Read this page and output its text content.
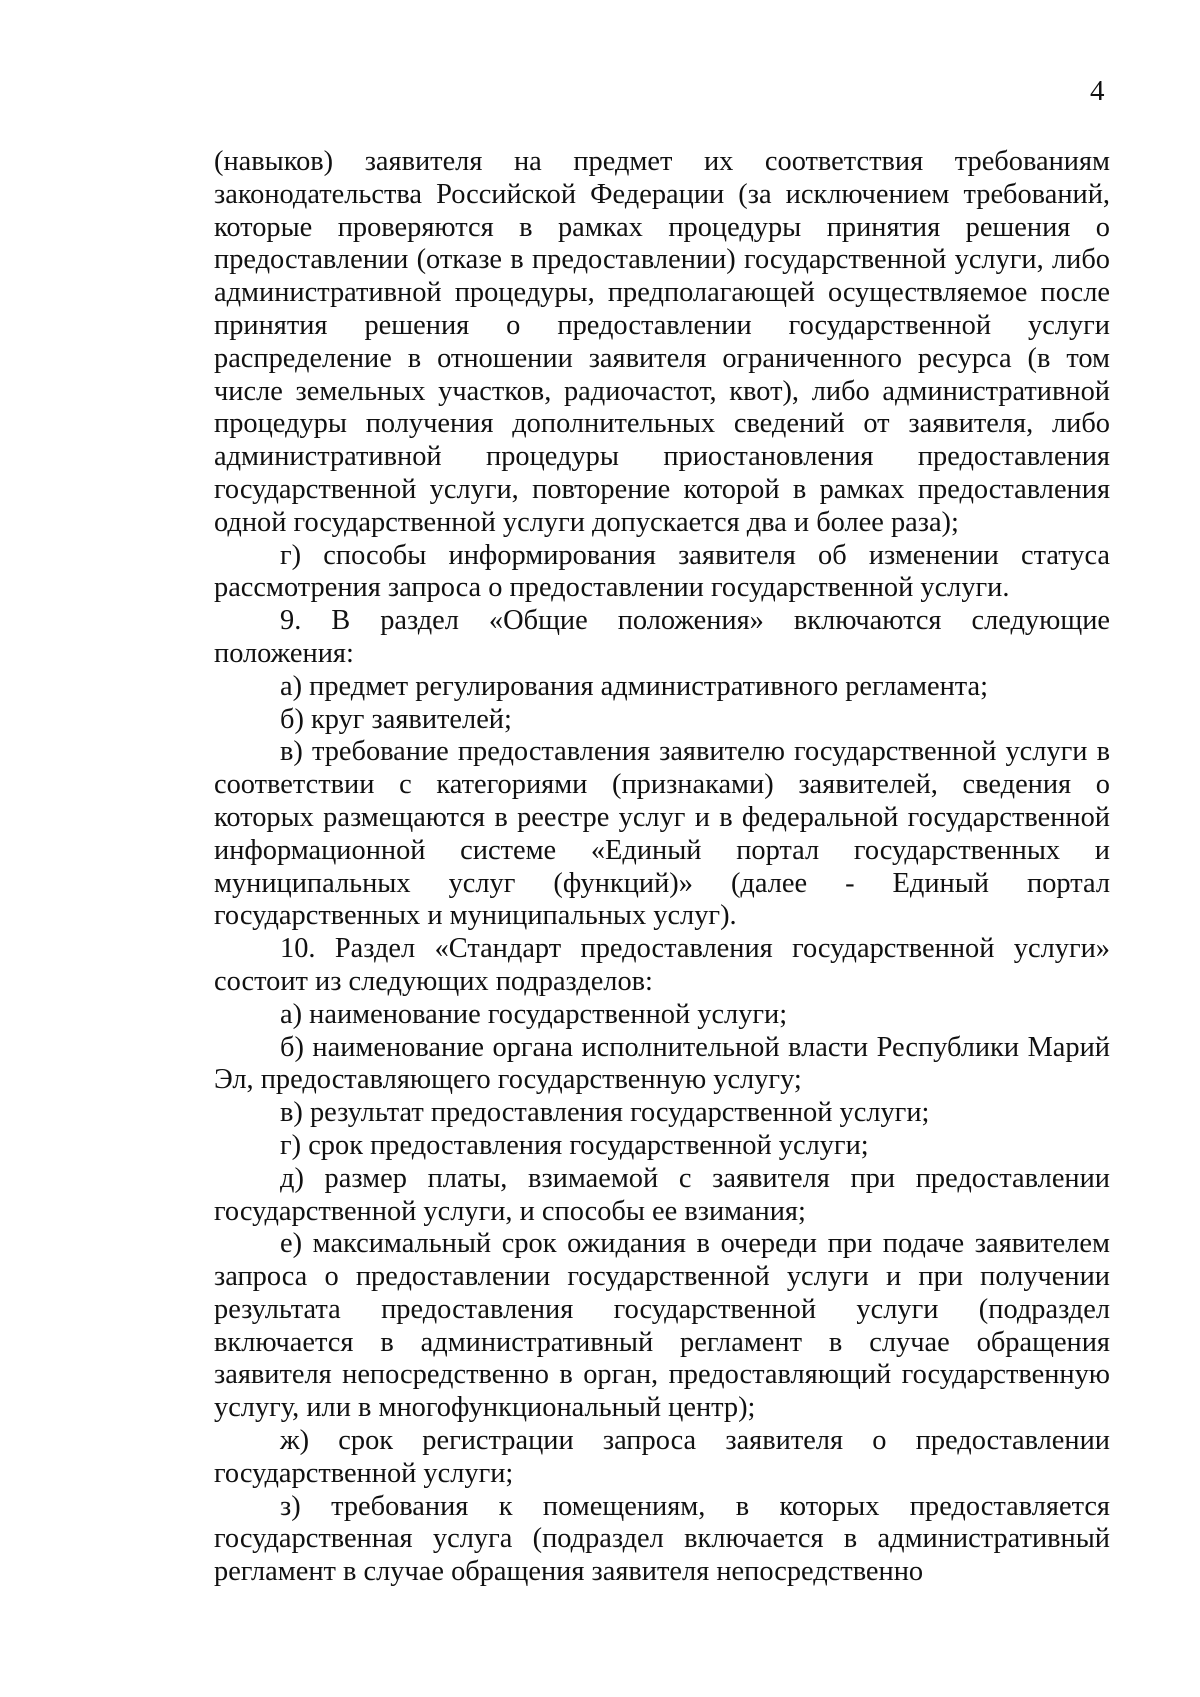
4

(навыков) заявителя на предмет их соответствия требованиям законодательства Российской Федерации (за исключением требований, которые проверяются в рамках процедуры принятия решения о предоставлении (отказе в предоставлении) государственной услуги, либо административной процедуры, предполагающей осуществляемое после принятия решения о предоставлении государственной услуги распределение в отношении заявителя ограниченного ресурса (в том числе земельных участков, радиочастот, квот), либо административной процедуры получения дополнительных сведений от заявителя, либо административной процедуры приостановления предоставления государственной услуги, повторение которой в рамках предоставления одной государственной услуги допускается два и более раза);

г) способы информирования заявителя об изменении статуса рассмотрения запроса о предоставлении государственной услуги.

9. В раздел «Общие положения» включаются следующие положения:

а) предмет регулирования административного регламента;

б) круг заявителей;

в) требование предоставления заявителю государственной услуги в соответствии с категориями (признаками) заявителей, сведения о которых размещаются в реестре услуг и в федеральной государственной информационной системе «Единый портал государственных и муниципальных услуг (функций)» (далее - Единый портал государственных и муниципальных услуг).

10. Раздел «Стандарт предоставления государственной услуги» состоит из следующих подразделов:

а) наименование государственной услуги;

б) наименование органа исполнительной власти Республики Марий Эл, предоставляющего государственную услугу;

в) результат предоставления государственной услуги;

г) срок предоставления государственной услуги;

д) размер платы, взимаемой с заявителя при предоставлении государственной услуги, и способы ее взимания;

е) максимальный срок ожидания в очереди при подаче заявителем запроса о предоставлении государственной услуги и при получении результата предоставления государственной услуги (подраздел включается в административный регламент в случае обращения заявителя непосредственно в орган, предоставляющий государственную услугу, или в многофункциональный центр);

ж) срок регистрации запроса заявителя о предоставлении государственной услуги;

з) требования к помещениям, в которых предоставляется государственная услуга (подраздел включается в административный регламент в случае обращения заявителя непосредственно
